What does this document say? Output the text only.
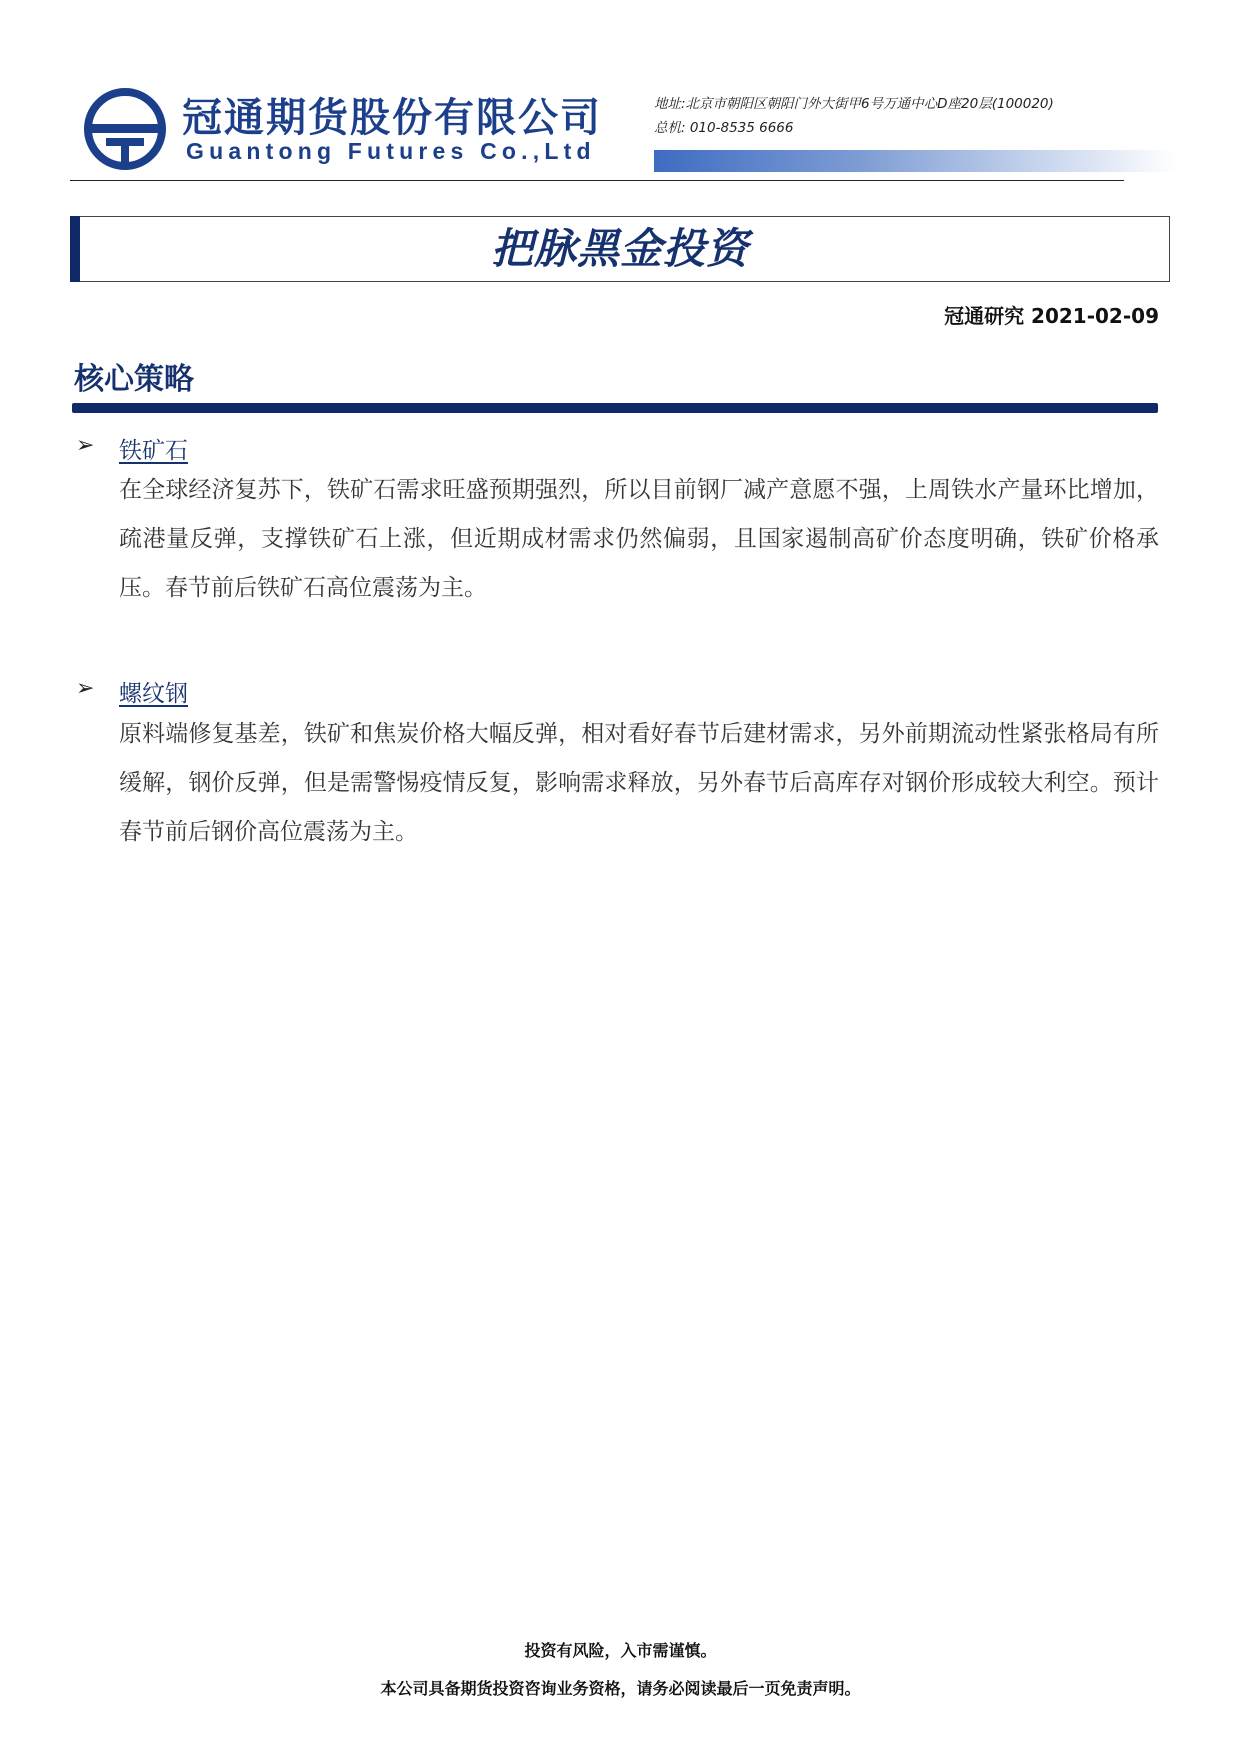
冠通期货股份有限公司
Guantong Futures Co.,Ltd
地址:北京市朝阳区朝阳门外大街甲6号万通中心D座20层(100020)
总机: 010-8535 6666
把脉黑金投资
冠通研究 2021-02-09
核心策略
➢ 铁矿石
在全球经济复苏下，铁矿石需求旺盛预期强烈，所以目前钢厂减产意愿不强，上周铁水产量环比增加，疏港量反弹，支撑铁矿石上涨，但近期成材需求仍然偏弱，且国家遏制高矿价态度明确，铁矿价格承压。春节前后铁矿石高位震荡为主。
➢ 螺纹钢
原料端修复基差，铁矿和焦炭价格大幅反弹，相对看好春节后建材需求，另外前期流动性紧张格局有所缓解，钢价反弹，但是需警惕疫情反复，影响需求释放，另外春节后高库存对钢价形成较大利空。预计春节前后钢价高位震荡为主。
投资有风险，入市需谨慎。
本公司具备期货投资咨询业务资格，请务必阅读最后一页免责声明。
